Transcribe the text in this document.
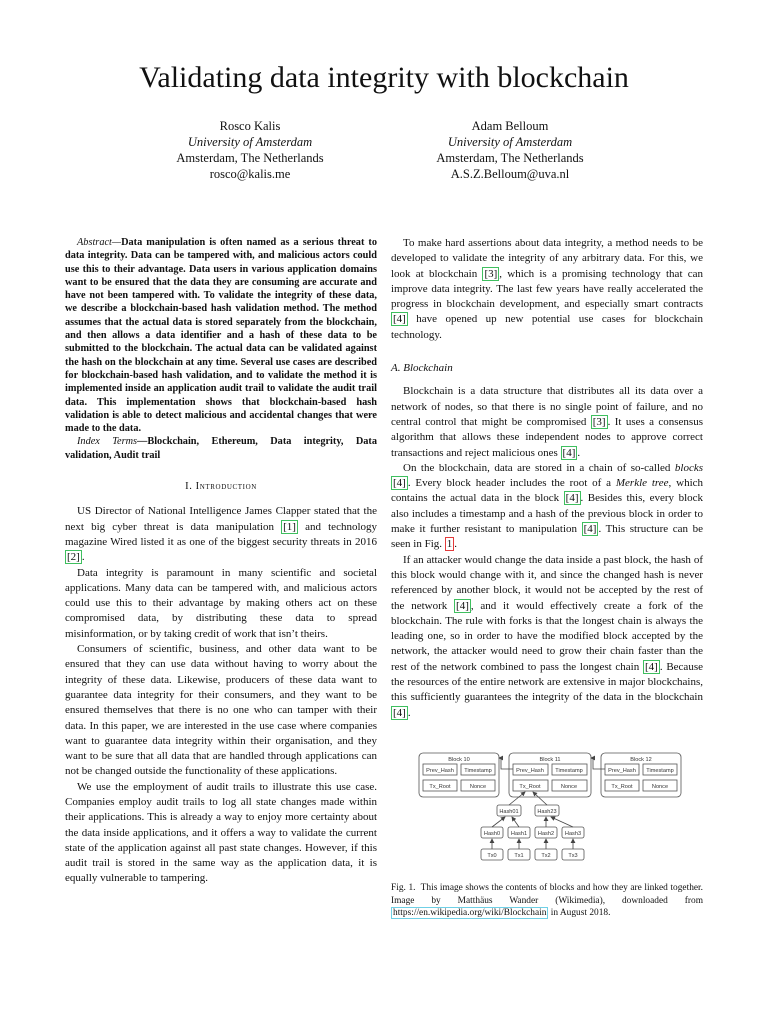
Validating data integrity with blockchain
Rosco Kalis
University of Amsterdam
Amsterdam, The Netherlands
rosco@kalis.me
Adam Belloum
University of Amsterdam
Amsterdam, The Netherlands
A.S.Z.Belloum@uva.nl

Abstract—Data manipulation is often named as a serious threat to data integrity. Data can be tampered with, and malicious actors could use this to their advantage. Data users in various application domains want to be ensured that the data they are consuming are accurate and have not been tampered with. To validate the integrity of these data, we describe a blockchain-based hash validation method. The method assumes that the actual data is stored separately from the blockchain, and then allows a data identifier and a hash of these data to be submitted to the blockchain. The actual data can be validated against the hash on the blockchain at any time. Several use cases are described for blockchain-based hash validation, and to validate the method it is implemented inside an application audit trail to validate the audit trail data. This implementation shows that blockchain-based hash validation is able to detect malicious and accidental changes that were made to the data.

Index Terms—Blockchain, Ethereum, Data integrity, Data validation, Audit trail

I. Introduction

US Director of National Intelligence James Clapper stated that the next big cyber threat is data manipulation [1] and technology magazine Wired listed it as one of the biggest security threats in 2016 [2] .

Data integrity is paramount in many scientific and societal applications. Many data can be tampered with, and malicious actors could use this to their advantage by making others act on these compromised data, by distributing these data to spread misinformation, or by taking credit of work that isn’t theirs.

Consumers of scientific, business, and other data want to be ensured that they can use data without having to worry about the integrity of these data. Likewise, producers of these data want to guarantee data integrity for their consumers, and they want to be ensured themselves that there is no one who can tamper with their data. In this paper, we are interested in the use case where companies want to guarantee data integrity within their organisation, and they want to be sure that all data that are handled through applications can not be changed outside the functionality of these applications.

We use the employment of audit trails to illustrate this use case. Companies employ audit trails to log all state changes made within their applications. This is already a way to enjoy more certainty about the data inside applications, and it offers a way to validate the current state of the application against all past state changes. However, if this audit trail is stored in the same way as the application data, it is equally vulnerable to tampering.

To make hard assertions about data integrity, a method needs to be developed to validate the integrity of any arbitrary data. For this, we look at blockchain [3] , which is a promising technology that can improve data integrity. The last few years have really accelerated the progress in blockchain development, and especially smart contracts [4] have opened up new potential use cases for blockchain technology.

A. Blockchain

Blockchain is a data structure that distributes all its data over a network of nodes, so that there is no single point of failure, and no central control that might be compromised [3] . It uses a consensus algorithm that allows these independent nodes to approve correct transactions and reject malicious ones [4] .

On the blockchain, data are stored in a chain of so-called blocks [4] . Every block header includes the root of a Merkle tree, which contains the actual data in the block [4] . Besides this, every block also includes a timestamp and a hash of the previous block in order to make it further resistant to manipulation [4] . This structure can be seen in Fig. 1 .

If an attacker would change the data inside a past block, the hash of this block would change with it, and since the changed hash is never referenced by another block, it would not be accepted by the rest of the network [4] , and it would effectively create a fork of the blockchain. The rule with forks is that the longest chain is always the leading one, so in order to have the modified block accepted by the network, the attacker would need to grow their chain faster than the rest of the network combined to pass the longest chain [4] . Because the resources of the entire network are extensive in major blockchains, this sufficiently guarantees the integrity of the data in the blockchain [4] .

Block 10
Prev_Hash Timestamp
Tx_Root	Nonce
Block 11
Prev_Hash Timestamp
Tx_Root	Nonce
Block 12
Prev_Hash Timestamp
Tx_Root	Nonce
Hash01	Hash23
Hash0 Hash1 Hash2 Hash3
Tx0	Tx1	Tx2	Tx3
Fig. 1. This image shows the contents of blocks and how they are linked together. Image by Matthäus Wander (Wikimedia), downloaded from https://en.wikipedia.org/wiki/Blockchain in August 2018.
